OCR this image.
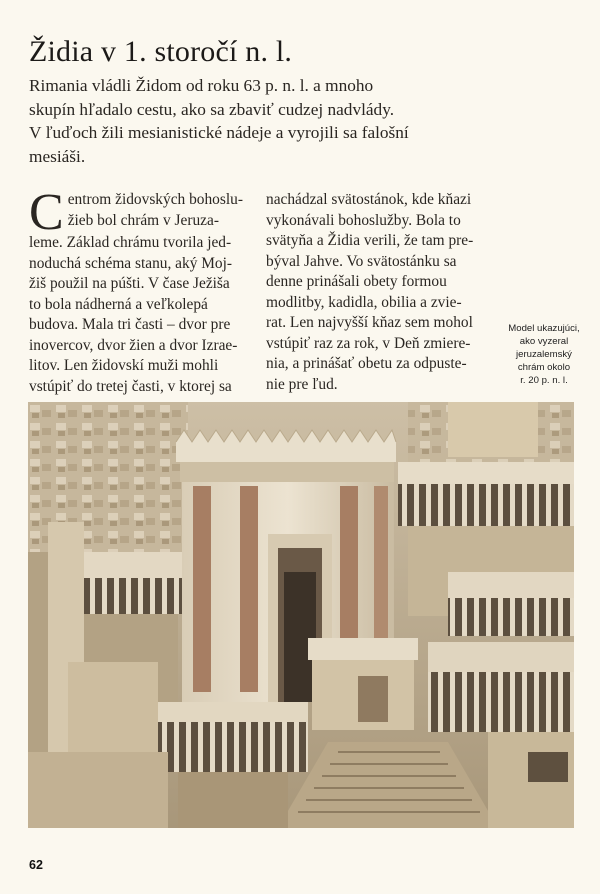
Židia v 1. storočí n. l.
Rimania vládli Židom od roku 63 p. n. l. a mnoho
skupín hľadalo cestu, ako sa zbaviť cudzej nadvlády.
V ľuďoch žili mesianistické nádeje a vyrojili sa falošní
mesiáši.
C entrom židovských bohoslu-
žieb bol chrám v Jeruza-
leme. Základ chrámu tvorila jed-
noduchá schéma stanu, aký Moj-
žiš použil na púšti. V čase Ježiša
to bola nádherná a veľkolepá
budova. Mala tri časti – dvor pre
inovercov, dvor žien a dvor Izrae-
litov. Len židovskí muži mohli
vstúpiť do tretej časti, v ktorej sa
nachádzal svätostánok, kde kňazi
vykonávali bohoslužby. Bola to
svätyňa a Židia verili, že tam pre-
býval Jahve. Vo svätostánku sa
denne prinášali obety formou
modlitby, kadidla, obilia a zvie-
rat. Len najvyšší kňaz sem mohol
vstúpiť raz za rok, v Deň zmiere-
nia, a prinášať obetu za odpuste-
nie pre ľud.
Model ukazujúci,
ako vyzeral
jeruzalemský
chrám okolo
r. 20 p. n. l.
62
